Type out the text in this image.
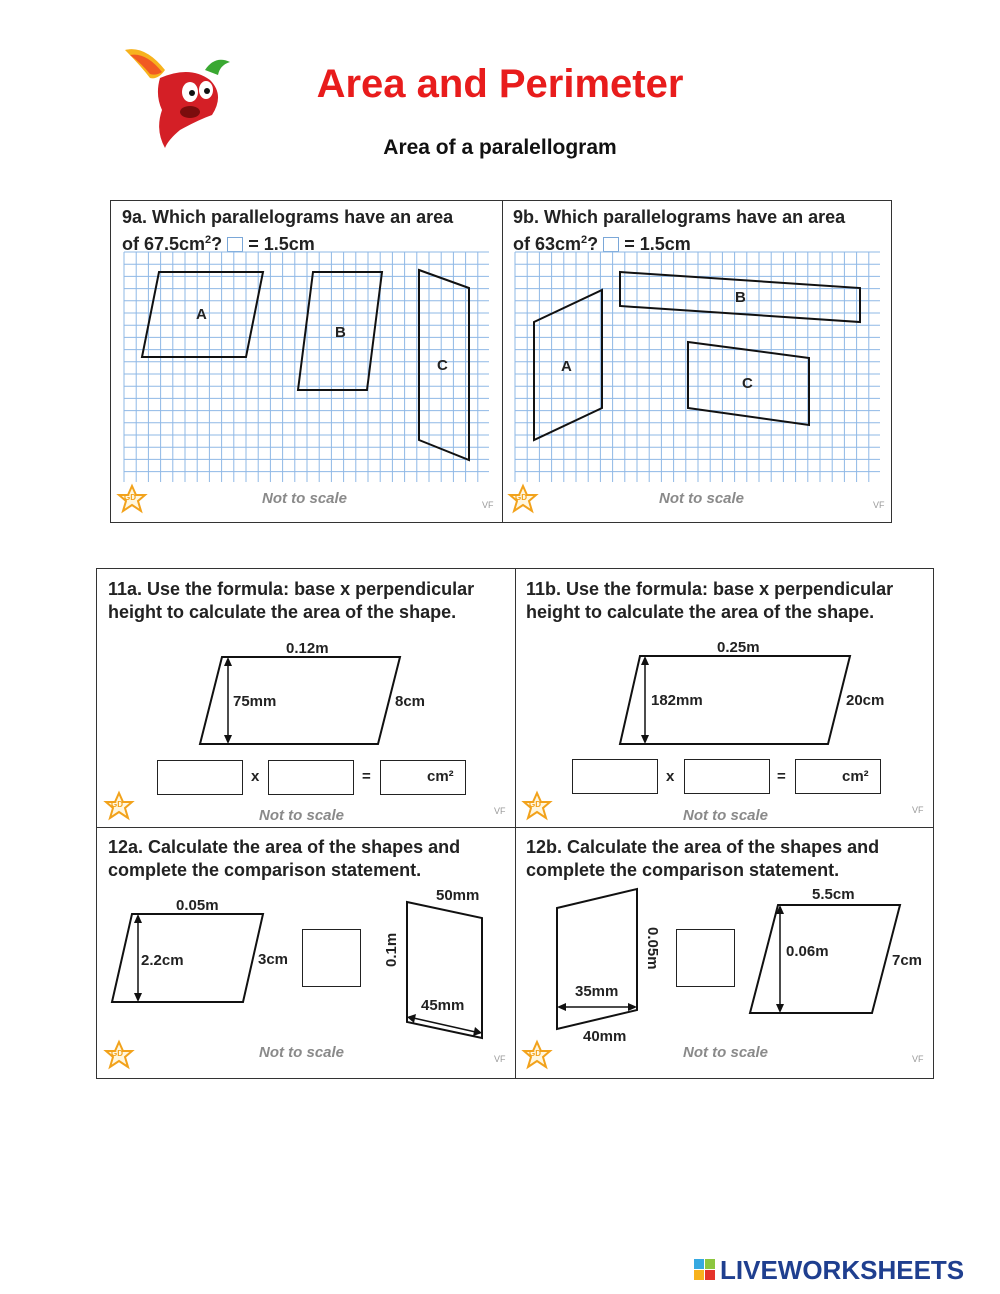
Area and Perimeter
Area of a paralellogram
9a. Which parallelograms have an area
of $67.5cm^2$? = 1.5cm
9b. Which parallelograms have an area
of $63cm^2$? = 1.5cm
A
B
C	A
B
C
Not to scale	VF	Not to scale	VF
11a. Use the formula: base x perpendicular height to calculate the area of the shape.
0.12m
75mm	8cm
x	=	cm²
Not to scale	VF
11b. Use the formula: base x perpendicular height to calculate the area of the shape.
0.25m
182mm	20cm
x	=	cm²
Not to scale	VF
12a. Calculate the area of the shapes and complete the comparison statement.
0.05m
2.2cm	3cm
50mm
0.1m
45mm
Not to scale	VF
12b. Calculate the area of the shapes and complete the comparison statement.
0.05m
35mm
40mm
5.5cm
0.06m
7cm
Not to scale	VF
GD	GD
GD	GD
GD	GD
LIVEWORKSHEETS
